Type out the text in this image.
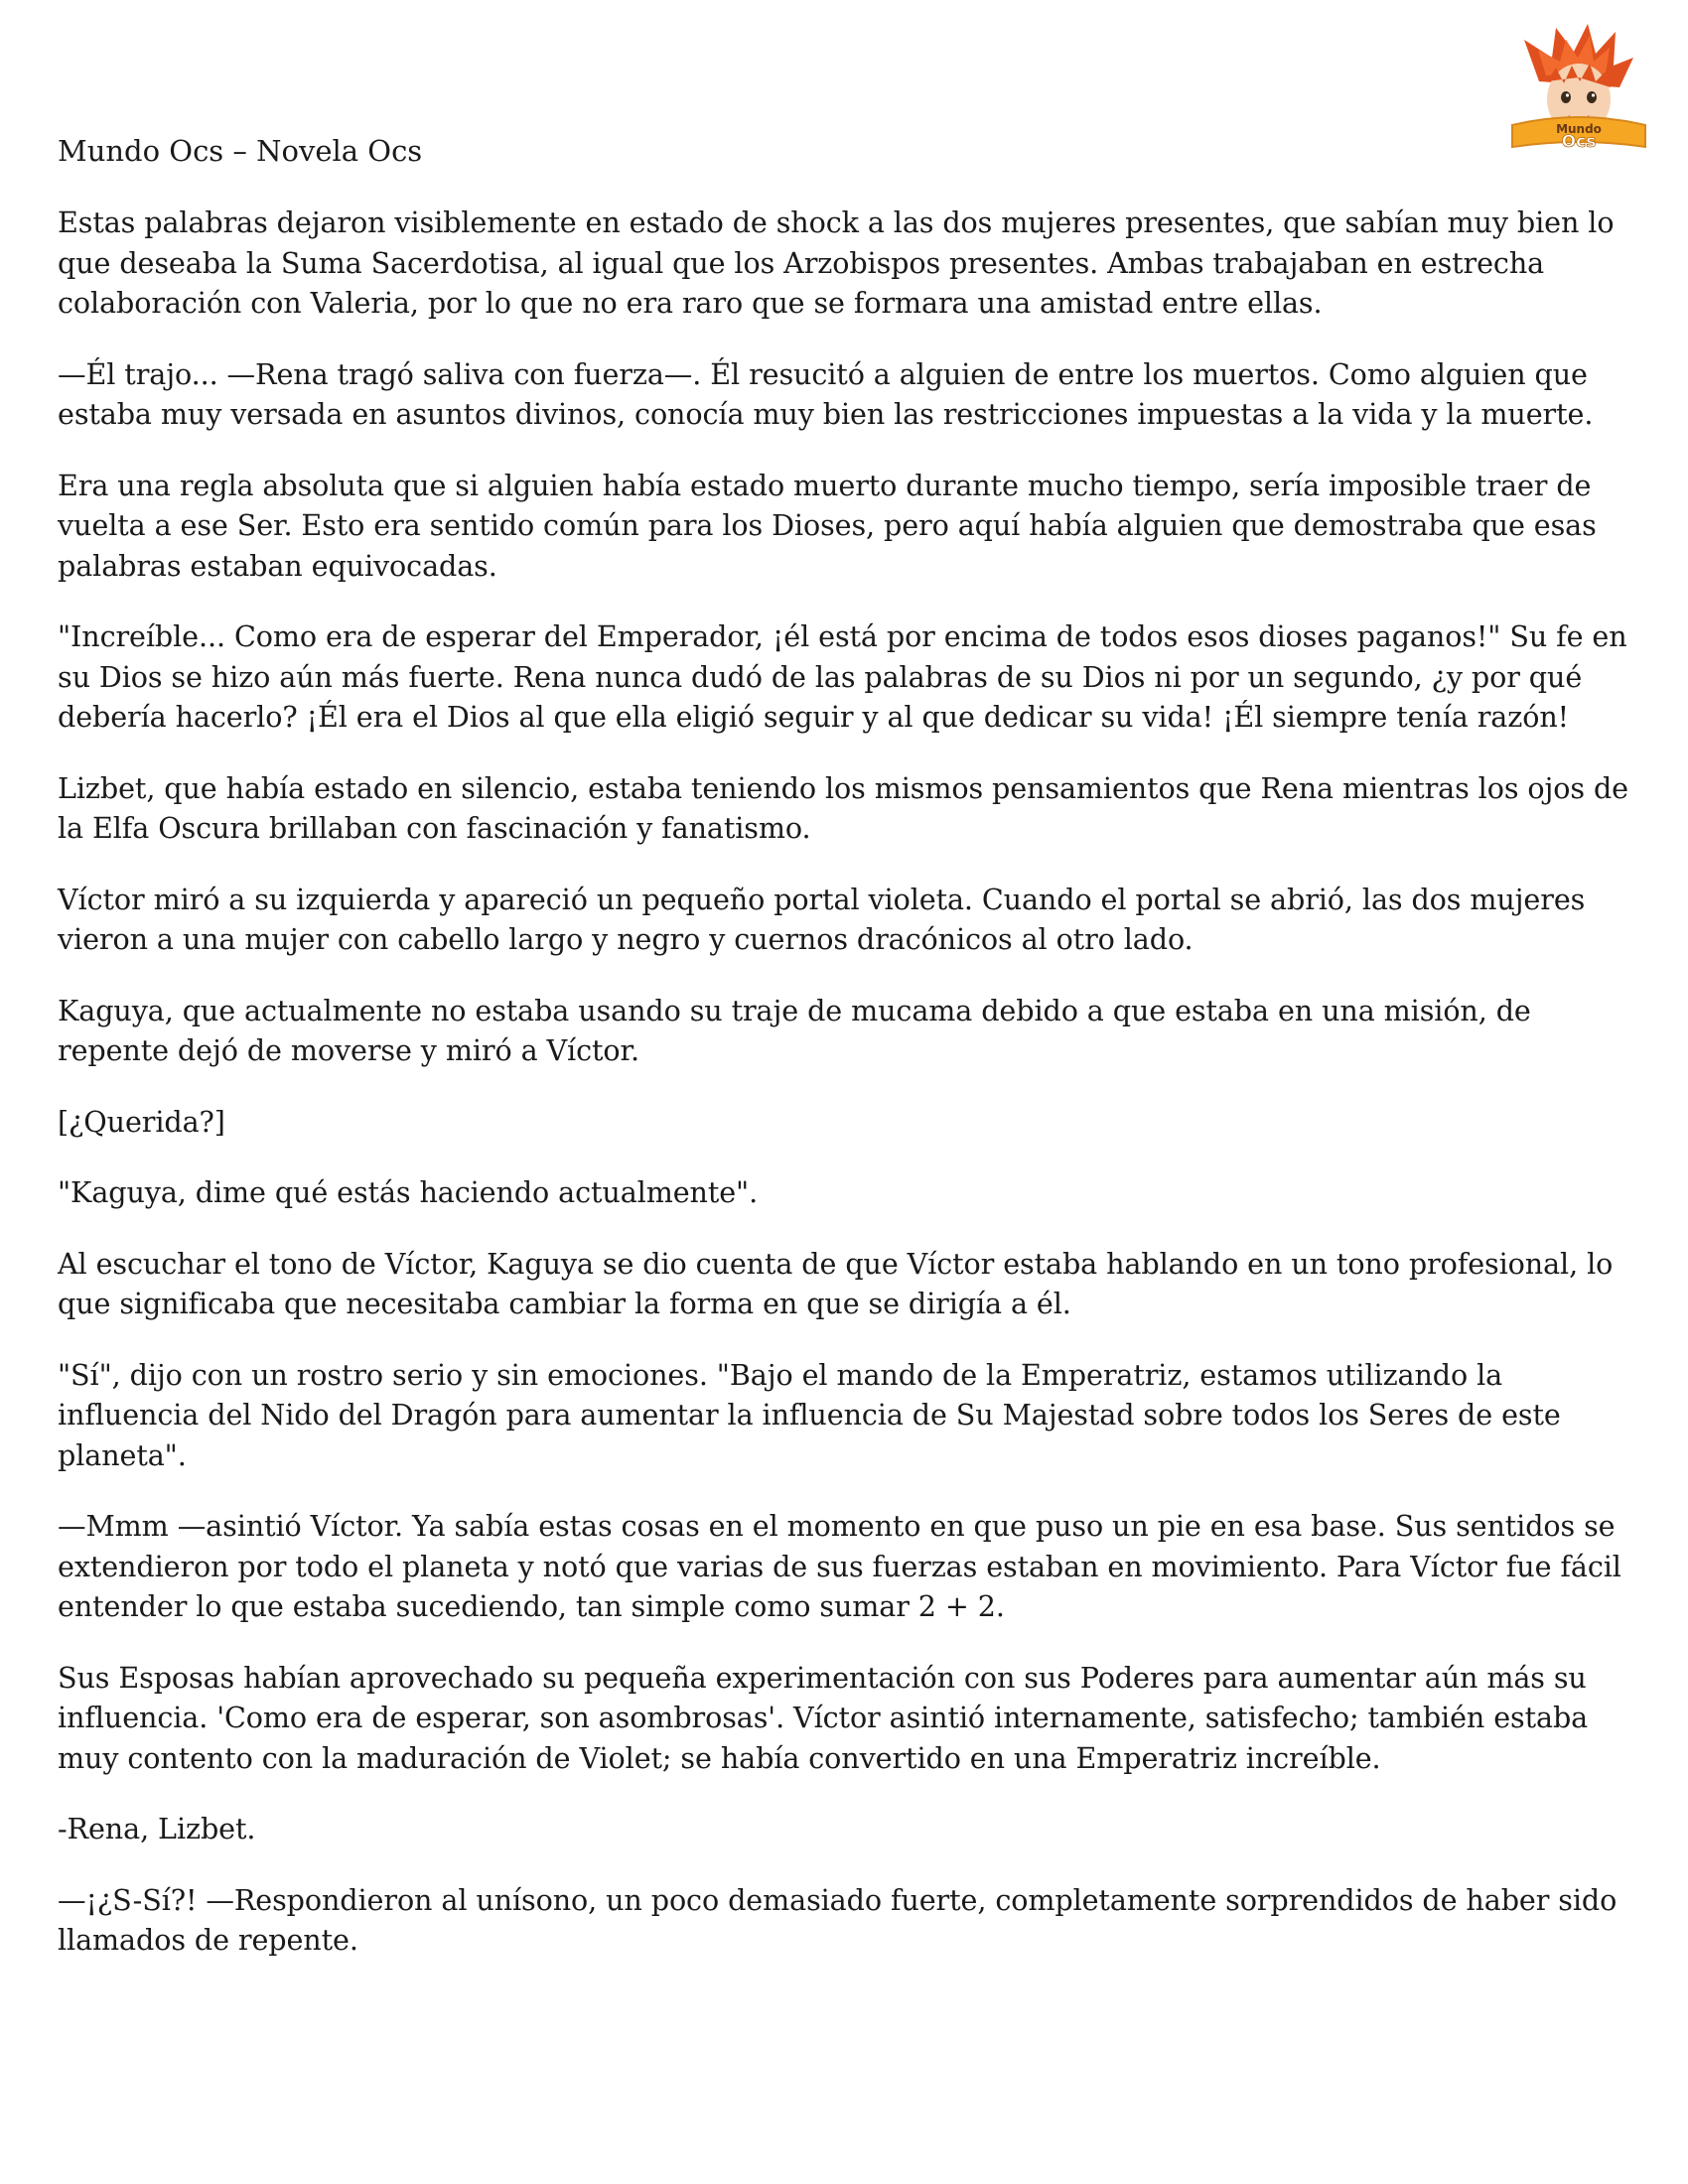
Mundo
Ocs
Mundo Ocs – Novela Ocs

Estas palabras dejaron visiblemente en estado de shock a las dos mujeres presentes, que sabían muy bien lo que deseaba la Suma Sacerdotisa, al igual que los Arzobispos presentes. Ambas trabajaban en estrecha colaboración con Valeria, por lo que no era raro que se formara una amistad entre ellas.

—Él trajo... —Rena tragó saliva con fuerza—. Él resucitó a alguien de entre los muertos. Como alguien que estaba muy versada en asuntos divinos, conocía muy bien las restricciones impuestas a la vida y la muerte.

Era una regla absoluta que si alguien había estado muerto durante mucho tiempo, sería imposible traer de vuelta a ese Ser. Esto era sentido común para los Dioses, pero aquí había alguien que demostraba que esas palabras estaban equivocadas.

"Increíble... Como era de esperar del Emperador, ¡él está por encima de todos esos dioses paganos!" Su fe en su Dios se hizo aún más fuerte. Rena nunca dudó de las palabras de su Dios ni por un segundo, ¿y por qué debería hacerlo? ¡Él era el Dios al que ella eligió seguir y al que dedicar su vida! ¡Él siempre tenía razón!

Lizbet, que había estado en silencio, estaba teniendo los mismos pensamientos que Rena mientras los ojos de la Elfa Oscura brillaban con fascinación y fanatismo.

Víctor miró a su izquierda y apareció un pequeño portal violeta. Cuando el portal se abrió, las dos mujeres vieron a una mujer con cabello largo y negro y cuernos dracónicos al otro lado.

Kaguya, que actualmente no estaba usando su traje de mucama debido a que estaba en una misión, de repente dejó de moverse y miró a Víctor.

[¿Querida?]

"Kaguya, dime qué estás haciendo actualmente".

Al escuchar el tono de Víctor, Kaguya se dio cuenta de que Víctor estaba hablando en un tono profesional, lo que significaba que necesitaba cambiar la forma en que se dirigía a él.

"Sí", dijo con un rostro serio y sin emociones. "Bajo el mando de la Emperatriz, estamos utilizando la influencia del Nido del Dragón para aumentar la influencia de Su Majestad sobre todos los Seres de este planeta".

—Mmm —asintió Víctor. Ya sabía estas cosas en el momento en que puso un pie en esa base. Sus sentidos se extendieron por todo el planeta y notó que varias de sus fuerzas estaban en movimiento. Para Víctor fue fácil entender lo que estaba sucediendo, tan simple como sumar 2 + 2.

Sus Esposas habían aprovechado su pequeña experimentación con sus Poderes para aumentar aún más su influencia. 'Como era de esperar, son asombrosas'. Víctor asintió internamente, satisfecho; también estaba muy contento con la maduración de Violet; se había convertido en una Emperatriz increíble.

-Rena, Lizbet.

—¡¿S-Sí?! —Respondieron al unísono, un poco demasiado fuerte, completamente sorprendidos de haber sido llamados de repente.
